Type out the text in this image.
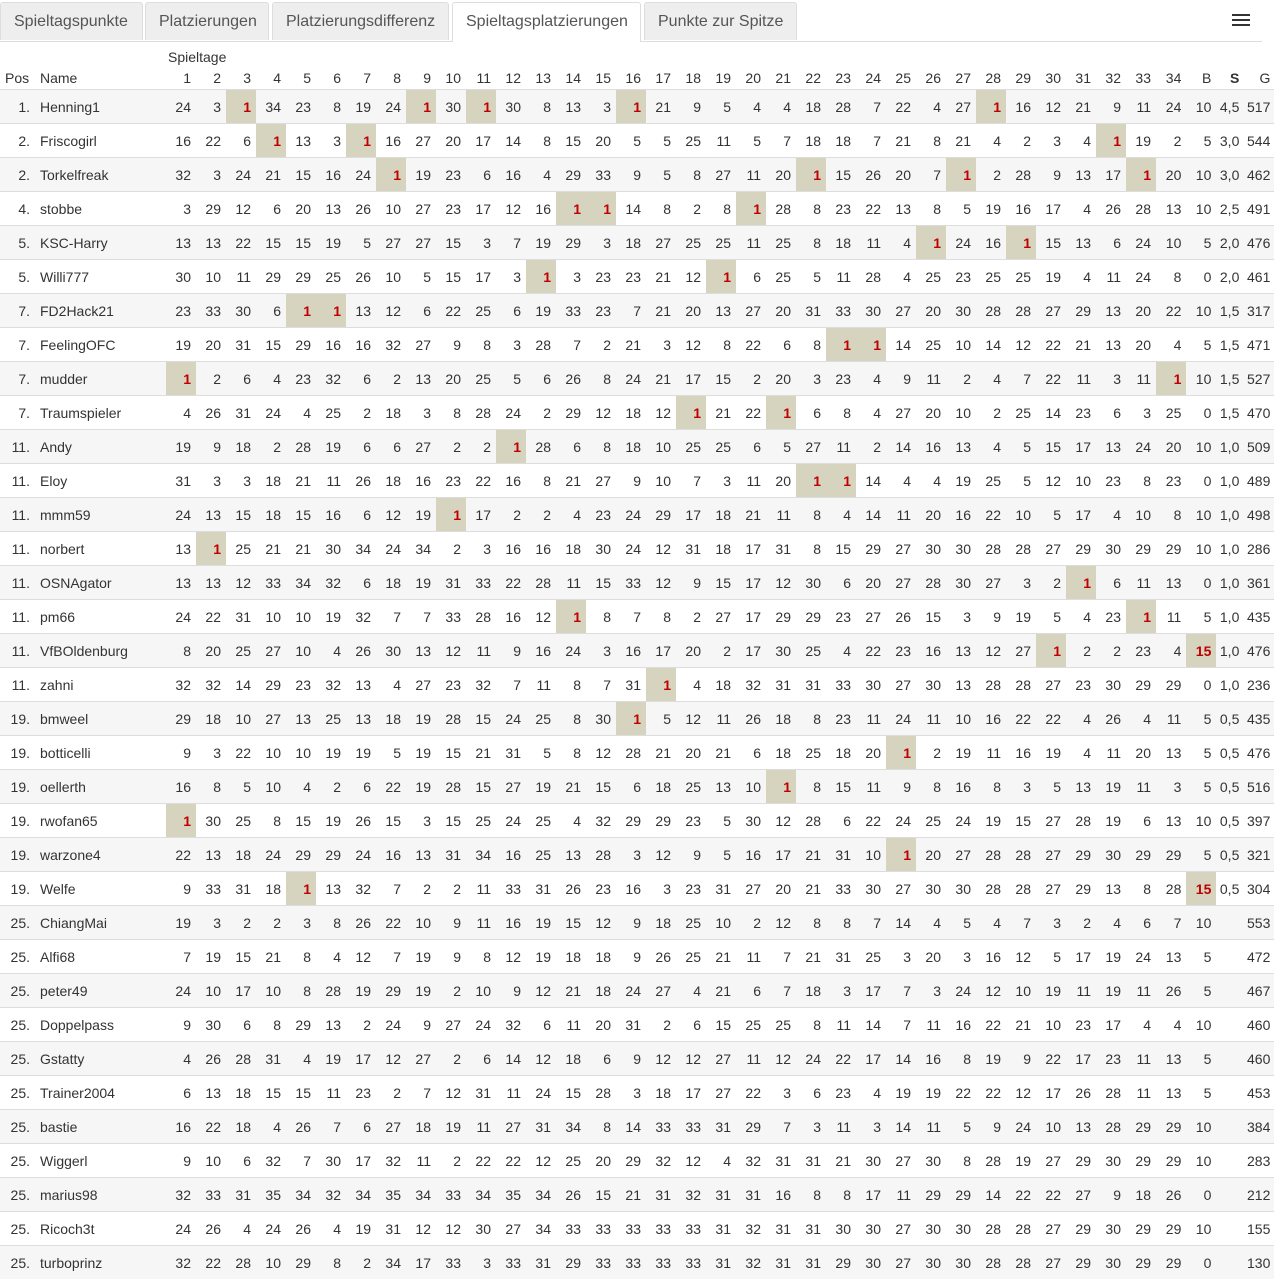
Spieltagspunkte	Platzierungen	Platzierungsdifferenz	Spieltagsplatzierungen	Punkte zur Spitze
		Spieltage																																				
Pos	Name	1	2	3	4	5	6	7	8	9	10	11	12	13	14	15	16	17	18	19	20	21	22	23	24	25	26	27	28	29	30	31	32	33	34	B	S	G
1.	Henning1	24	3	1	34	23	8	19	24	1	30	1	30	8	13	3	1	21	9	5	4	4	18	28	7	22	4	27	1	16	12	21	9	11	24	10	4,5	517
2.	Friscogirl	16	22	6	1	13	3	1	16	27	20	17	14	8	15	20	5	5	25	11	5	7	18	18	7	21	8	21	4	2	3	4	1	19	2	5	3,0	544
2.	Torkelfreak	32	3	24	21	15	16	24	1	19	23	6	16	4	29	33	9	5	8	27	11	20	1	15	26	20	7	1	2	28	9	13	17	1	20	10	3,0	462
4.	stobbe	3	29	12	6	20	13	26	10	27	23	17	12	16	1	1	14	8	2	8	1	28	8	23	22	13	8	5	19	16	17	4	26	28	13	10	2,5	491
5.	KSC-Harry	13	13	22	15	15	19	5	27	27	15	3	7	19	29	3	18	27	25	25	11	25	8	18	11	4	1	24	16	1	15	13	6	24	10	5	2,0	476
5.	Willi777	30	10	11	29	29	25	26	10	5	15	17	3	1	3	23	23	21	12	1	6	25	5	11	28	4	25	23	25	25	19	4	11	24	8	0	2,0	461
7.	FD2Hack21	23	33	30	6	1	1	13	12	6	22	25	6	19	33	23	7	21	20	13	27	20	31	33	30	27	20	30	28	28	27	29	13	20	22	10	1,5	317
7.	FeelingOFC	19	20	31	15	29	16	16	32	27	9	8	3	28	7	2	21	3	12	8	22	6	8	1	1	14	25	10	14	12	22	21	13	20	4	5	1,5	471
7.	mudder	1	2	6	4	23	32	6	2	13	20	25	5	6	26	8	24	21	17	15	2	20	3	23	4	9	11	2	4	7	22	11	3	11	1	10	1,5	527
7.	Traumspieler	4	26	31	24	4	25	2	18	3	8	28	24	2	29	12	18	12	1	21	22	1	6	8	4	27	20	10	2	25	14	23	6	3	25	0	1,5	470
11.	Andy	19	9	18	2	28	19	6	6	27	2	2	1	28	6	8	18	10	25	25	6	5	27	11	2	14	16	13	4	5	15	17	13	24	20	10	1,0	509
11.	Eloy	31	3	3	18	21	11	26	18	16	23	22	16	8	21	27	9	10	7	3	11	20	1	1	14	4	4	19	25	5	12	10	23	8	23	0	1,0	489
11.	mmm59	24	13	15	18	15	16	6	12	19	1	17	2	2	4	23	24	29	17	18	21	11	8	4	14	11	20	16	22	10	5	17	4	10	8	10	1,0	498
11.	norbert	13	1	25	21	21	30	34	24	34	2	3	16	16	18	30	24	12	31	18	17	31	8	15	29	27	30	30	28	28	27	29	30	29	29	10	1,0	286
11.	OSNAgator	13	13	12	33	34	32	6	18	19	31	33	22	28	11	15	33	12	9	15	17	12	30	6	20	27	28	30	27	3	2	1	6	11	13	0	1,0	361
11.	pm66	24	22	31	10	10	19	32	7	7	33	28	16	12	1	8	7	8	2	27	17	29	29	23	27	26	15	3	9	19	5	4	23	1	11	5	1,0	435
11.	VfBOldenburg	8	20	25	27	10	4	26	30	13	12	11	9	16	24	3	16	17	20	2	17	30	25	4	22	23	16	13	12	27	1	2	2	23	4	15	1,0	476
11.	zahni	32	32	14	29	23	32	13	4	27	23	32	7	11	8	7	31	1	4	18	32	31	31	33	30	27	30	13	28	28	27	23	30	29	29	0	1,0	236
19.	bmweel	29	18	10	27	13	25	13	18	19	28	15	24	25	8	30	1	5	12	11	26	18	8	23	11	24	11	10	16	22	22	4	26	4	11	5	0,5	435
19.	botticelli	9	3	22	10	10	19	19	5	19	15	21	31	5	8	12	28	21	20	21	6	18	25	18	20	1	2	19	11	16	19	4	11	20	13	5	0,5	476
19.	oellerth	16	8	5	10	4	2	6	22	19	28	15	27	19	21	15	6	18	25	13	10	1	8	15	11	9	8	16	8	3	5	13	19	11	3	5	0,5	516
19.	rwofan65	1	30	25	8	15	19	26	15	3	15	25	24	25	4	32	29	29	23	5	30	12	28	6	22	24	25	24	19	15	27	28	19	6	13	10	0,5	397
19.	warzone4	22	13	18	24	29	29	24	16	13	31	34	16	25	13	28	3	12	9	5	16	17	21	31	10	1	20	27	28	28	27	29	30	29	29	5	0,5	321
19.	Welfe	9	33	31	18	1	13	32	7	2	2	11	33	31	26	23	16	3	23	31	27	20	21	33	30	27	30	30	28	28	27	29	13	8	28	15	0,5	304
25.	ChiangMai	19	3	2	2	3	8	26	22	10	9	11	16	19	15	12	9	18	25	10	2	12	8	8	7	14	4	5	4	7	3	2	4	6	7	10		553
25.	Alfi68	7	19	15	21	8	4	12	7	19	9	8	12	19	18	18	9	26	25	21	11	7	21	31	25	3	20	3	16	12	5	17	19	24	13	5		472
25.	peter49	24	10	17	10	8	28	19	29	19	2	10	9	12	21	18	24	27	4	21	6	7	18	3	17	7	3	24	12	10	19	11	19	11	26	5		467
25.	Doppelpass	9	30	6	8	29	13	2	24	9	27	24	32	6	11	20	31	2	6	15	25	25	8	11	14	7	11	16	22	21	10	23	17	4	4	10		460
25.	Gstatty	4	26	28	31	4	19	17	12	27	2	6	14	12	18	6	9	12	12	27	11	12	24	22	17	14	16	8	19	9	22	17	23	11	13	5		460
25.	Trainer2004	6	13	18	15	15	11	23	2	7	12	31	11	24	15	28	3	18	17	27	22	3	6	23	4	19	19	22	22	12	17	26	28	11	13	5		453
25.	bastie	16	22	18	4	26	7	6	27	18	19	11	27	31	34	8	14	33	33	31	29	7	3	11	3	14	11	5	9	24	10	13	28	29	29	10		384
25.	Wiggerl	9	10	6	32	7	30	17	32	11	2	22	22	12	25	20	29	32	12	4	32	31	31	21	30	27	30	8	28	19	27	29	30	29	29	10		283
25.	marius98	32	33	31	35	34	32	34	35	34	33	34	35	34	26	15	21	31	32	31	31	16	8	8	17	11	29	29	14	22	22	27	9	18	26	0		212
25.	Ricoch3t	24	26	4	24	26	4	19	31	12	12	30	27	34	33	33	33	33	33	31	32	31	31	30	30	27	30	30	28	28	27	29	30	29	29	10		155
25.	turboprinz	32	22	28	10	29	8	2	34	17	33	3	33	31	29	33	33	33	33	31	32	31	31	29	30	27	30	30	28	28	27	29	30	29	29	0		130
